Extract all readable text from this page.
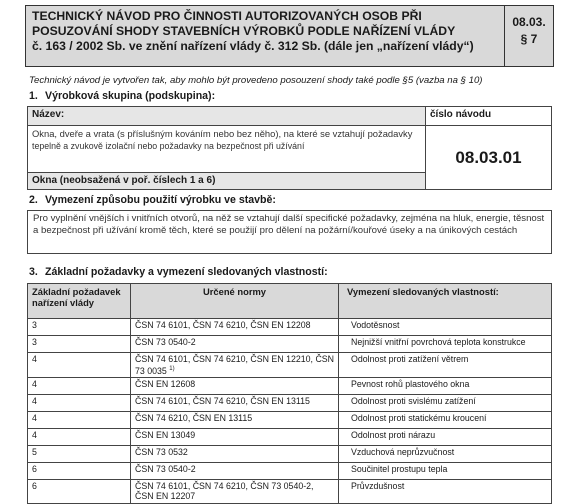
TECHNICKÝ NÁVOD PRO ČINNOSTI AUTORIZOVANÝCH OSOB PŘI
POSUZOVÁNÍ SHODY STAVEBNÍCH VÝROBKŮ PODLE NAŘÍZENÍ VLÁDY
č. 163 / 2002 Sb. ve znění nařízení vlády č. 312 Sb. (dále jen „nařízení vlády“)
08.03.
§ 7
Technický návod je vytvořen tak, aby mohlo být provedeno posouzení shody také podle §5 (vazba na § 10)
1. Výrobková skupina (podskupina):
Název:	číslo návodu

Okna, dveře a vrata (s příslušným kováním nebo bez něho), na které se vztahují požadavky
tepelně a zvukově izolační nebo požadavky na bezpečnost při užívání	08.03.01
Okna (neobsažená v poř. číslech 1 a 6)	
2. Vymezení způsobu použití výrobku ve stavbě:
Pro vyplnění vnějších i vnitřních otvorů, na něž se vztahují další specifické požadavky, zejména na hluk, energie, těsnost a bezpečnost při užívání kromě těch, které se použijí pro dělení na požární/kouřové úseky a na únikových cestách
3. Základní požadavky a vymezení sledovaných vlastností:
Základní požadavek nařízení vlády	Určené normy	Vymezení sledovaných vlastností:
3	ČSN 74 6101, ČSN 74 6210, ČSN EN 12208	Vodotěsnost
3	ČSN 73 0540-2	Nejnižší vnitřní povrchová teplota konstrukce
4	ČSN 74 6101, ČSN 74 6210, ČSN EN 12210, ČSN 73 0035 $^{1)}$	Odolnost proti zatížení větrem
4	ČSN EN 12608	Pevnost rohů plastového okna
4	ČSN 74 6101, ČSN 74 6210, ČSN EN 13115	Odolnost proti svislému zatížení
4	ČSN 74 6210, ČSN EN 13115	Odolnost proti statickému kroucení
4	ČSN EN 13049	Odolnost proti nárazu
5	ČSN 73 0532	Vzduchová neprůzvučnost
6	ČSN 73 0540-2	Součinitel prostupu tepla
6	ČSN 74 6101, ČSN 74 6210, ČSN 73 0540-2, ČSN EN 12207	Průvzdušnost
